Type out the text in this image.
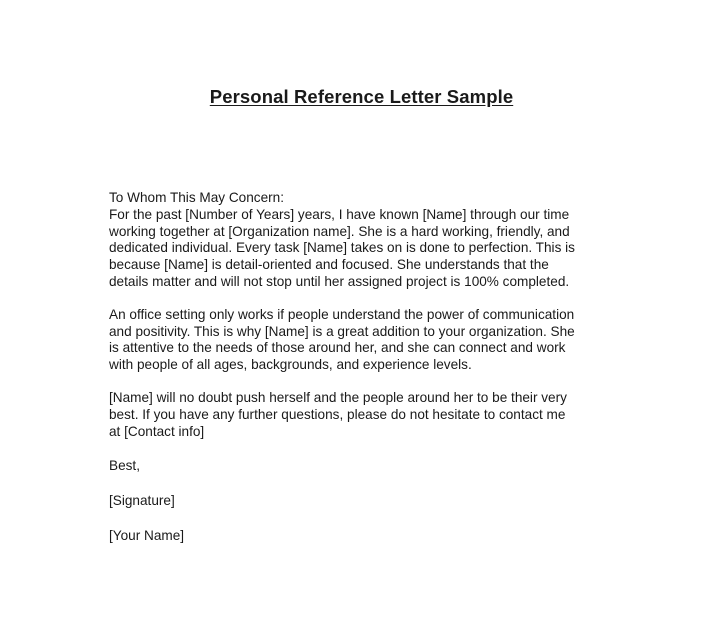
Personal Reference Letter Sample

To Whom This May Concern:

For the past [Number of Years] years, I have known [Name] through our time
working together at [Organization name]. She is a hard working, friendly, and
dedicated individual. Every task [Name] takes on is done to perfection. This is
because [Name] is detail-oriented and focused. She understands that the
details matter and will not stop until her assigned project is 100% completed.

An office setting only works if people understand the power of communication
and positivity. This is why [Name] is a great addition to your organization. She
is attentive to the needs of those around her, and she can connect and work
with people of all ages, backgrounds, and experience levels.

[Name] will no doubt push herself and the people around her to be their very
best. If you have any further questions, please do not hesitate to contact me
at [Contact info]

Best,

[Signature]

[Your Name]
